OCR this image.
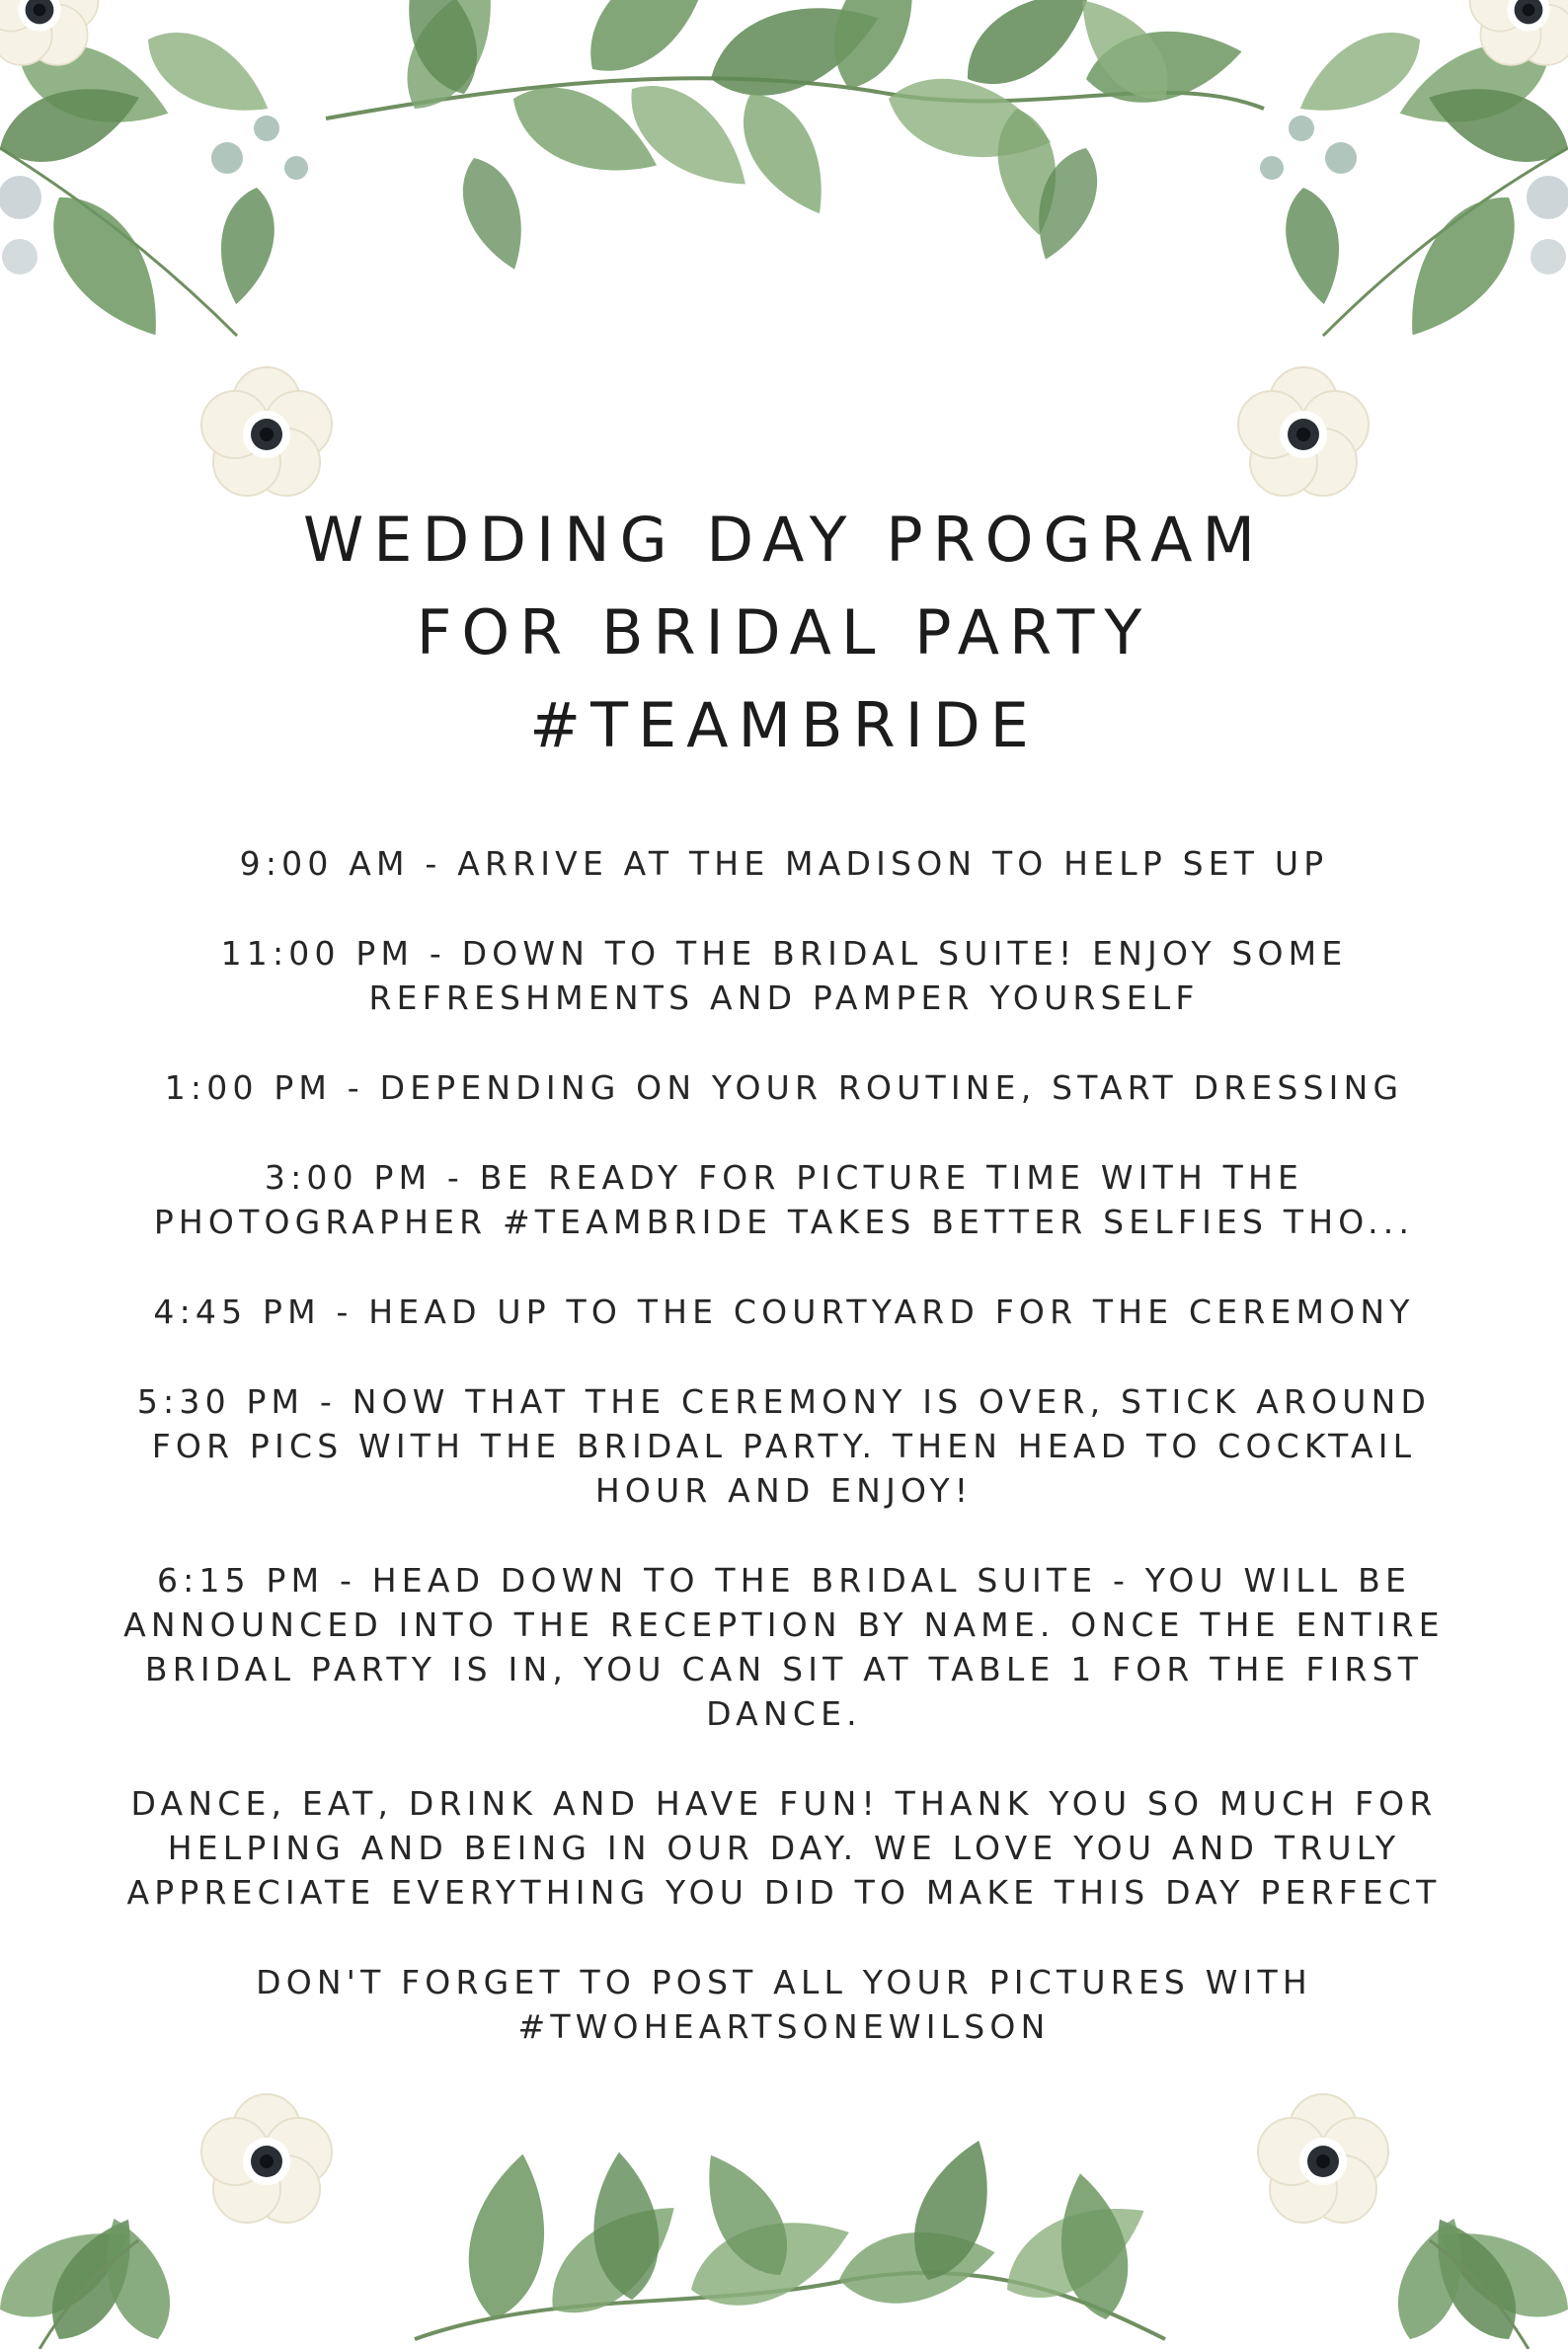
WEDDING DAY PROGRAM
FOR BRIDAL PARTY
#TEAMBRIDE
9:00 AM - ARRIVE AT THE MADISON TO HELP SET UP
11:00 PM - DOWN TO THE BRIDAL SUITE! ENJOY SOME
REFRESHMENTS AND PAMPER YOURSELF
1:00 PM - DEPENDING ON YOUR ROUTINE, START DRESSING
3:00 PM - BE READY FOR PICTURE TIME WITH THE
PHOTOGRAPHER #TEAMBRIDE TAKES BETTER SELFIES THO...
4:45 PM - HEAD UP TO THE COURTYARD FOR THE CEREMONY
5:30 PM - NOW THAT THE CEREMONY IS OVER, STICK AROUND
FOR PICS WITH THE BRIDAL PARTY. THEN HEAD TO COCKTAIL
HOUR AND ENJOY!
6:15 PM - HEAD DOWN TO THE BRIDAL SUITE - YOU WILL BE
ANNOUNCED INTO THE RECEPTION BY NAME. ONCE THE ENTIRE
BRIDAL PARTY IS IN, YOU CAN SIT AT TABLE 1 FOR THE FIRST
DANCE.
DANCE, EAT, DRINK AND HAVE FUN! THANK YOU SO MUCH FOR
HELPING AND BEING IN OUR DAY. WE LOVE YOU AND TRULY
APPRECIATE EVERYTHING YOU DID TO MAKE THIS DAY PERFECT
DON'T FORGET TO POST ALL YOUR PICTURES WITH
#TWOHEARTSONEWILSON
